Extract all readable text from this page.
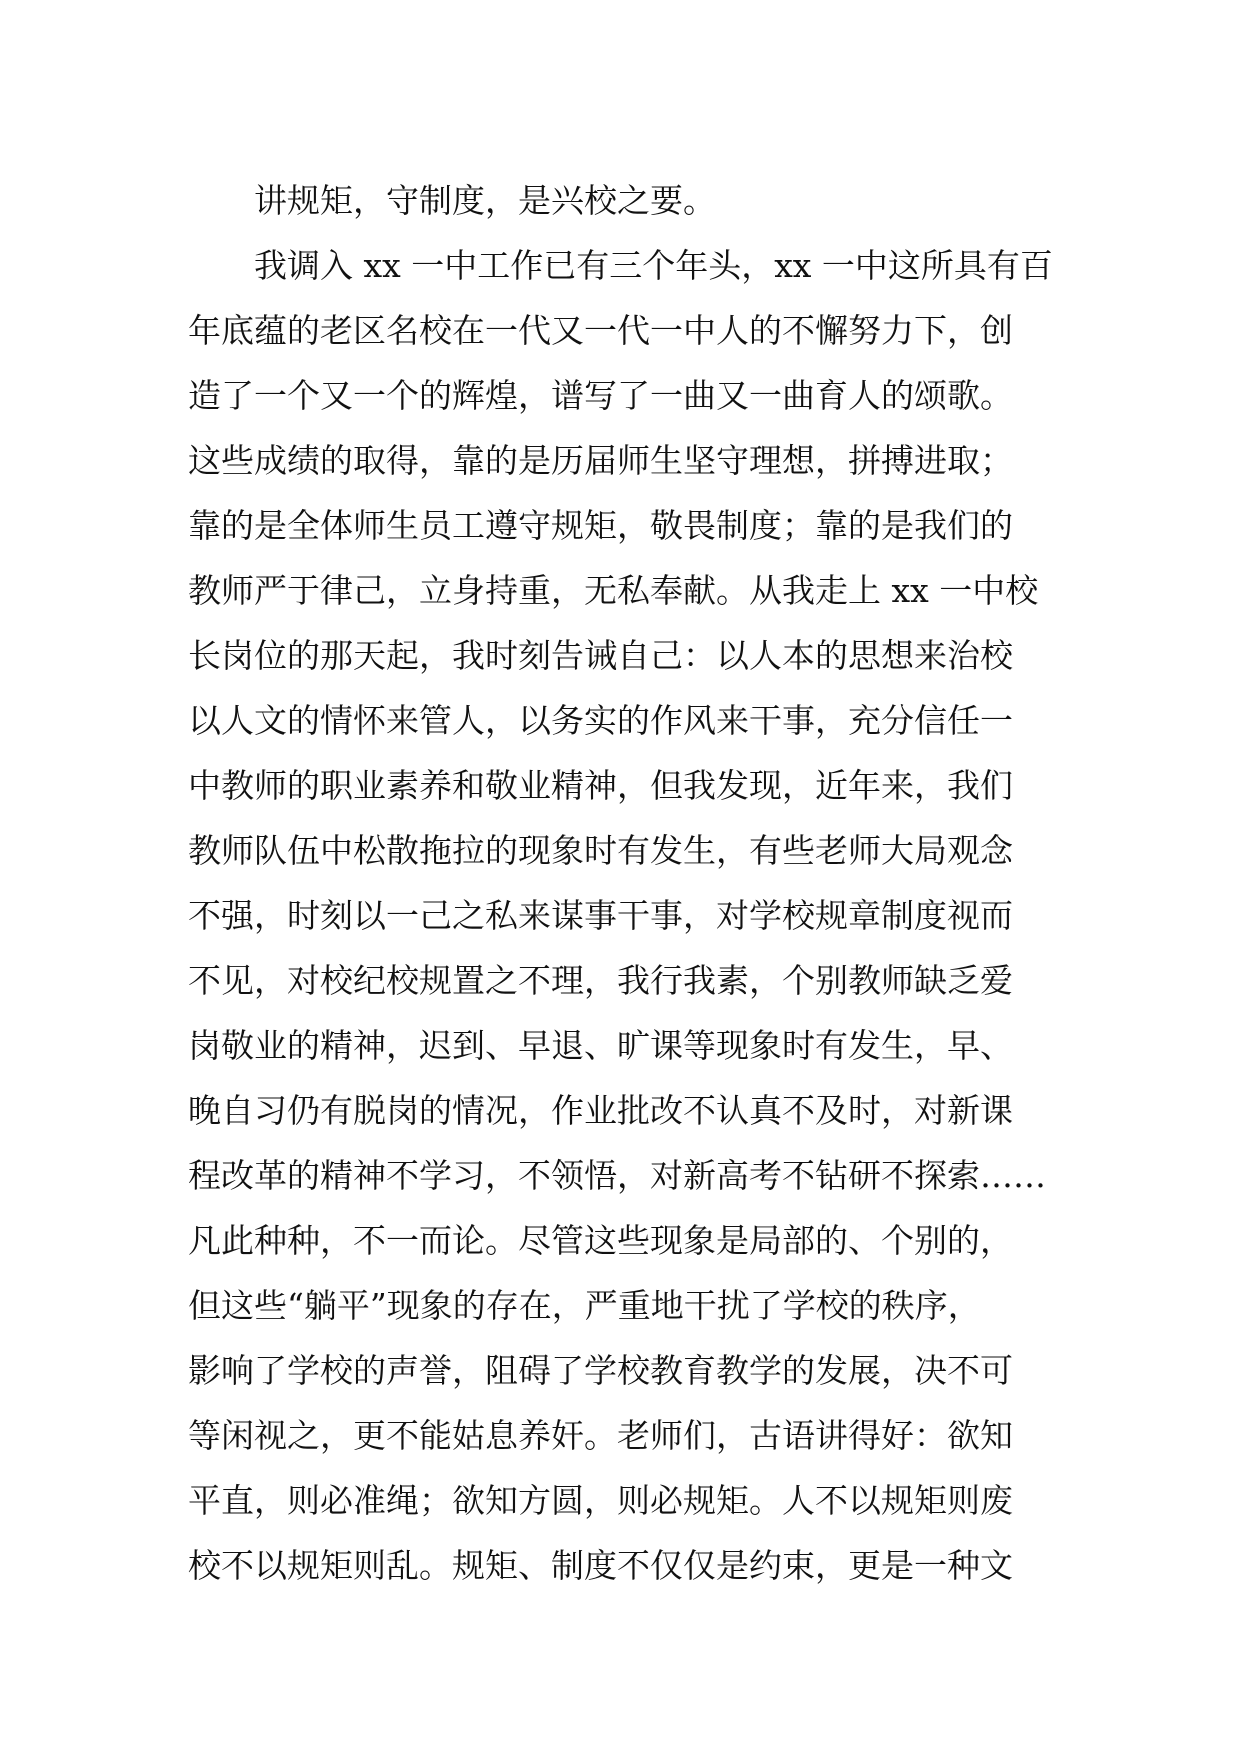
讲规矩，守制度，是兴校之要。
我调入 xx 一中工作已有三个年头，xx 一中这所具有百
年底蕴的老区名校在一代又一代一中人的不懈努力下，创
造了一个又一个的辉煌，谱写了一曲又一曲育人的颂歌。
这些成绩的取得，靠的是历届师生坚守理想，拼搏进取；
靠的是全体师生员工遵守规矩，敬畏制度；靠的是我们的
教师严于律己，立身持重，无私奉献。从我走上 xx 一中校
长岗位的那天起，我时刻告诫自己：以人本的思想来治校
以人文的情怀来管人，以务实的作风来干事，充分信任一
中教师的职业素养和敬业精神，但我发现，近年来，我们
教师队伍中松散拖拉的现象时有发生，有些老师大局观念
不强，时刻以一己之私来谋事干事，对学校规章制度视而
不见，对校纪校规置之不理，我行我素，个别教师缺乏爱
岗敬业的精神，迟到、早退、旷课等现象时有发生，早、
晚自习仍有脱岗的情况，作业批改不认真不及时，对新课
程改革的精神不学习，不领悟，对新高考不钻研不探索……
凡此种种，不一而论。尽管这些现象是局部的、个别的，
但这些“躺平”现象的存在，严重地干扰了学校的秩序，
影响了学校的声誉，阻碍了学校教育教学的发展，决不可
等闲视之，更不能姑息养奸。老师们，古语讲得好：欲知
平直，则必准绳；欲知方圆，则必规矩。人不以规矩则废
校不以规矩则乱。规矩、制度不仅仅是约束，更是一种文
